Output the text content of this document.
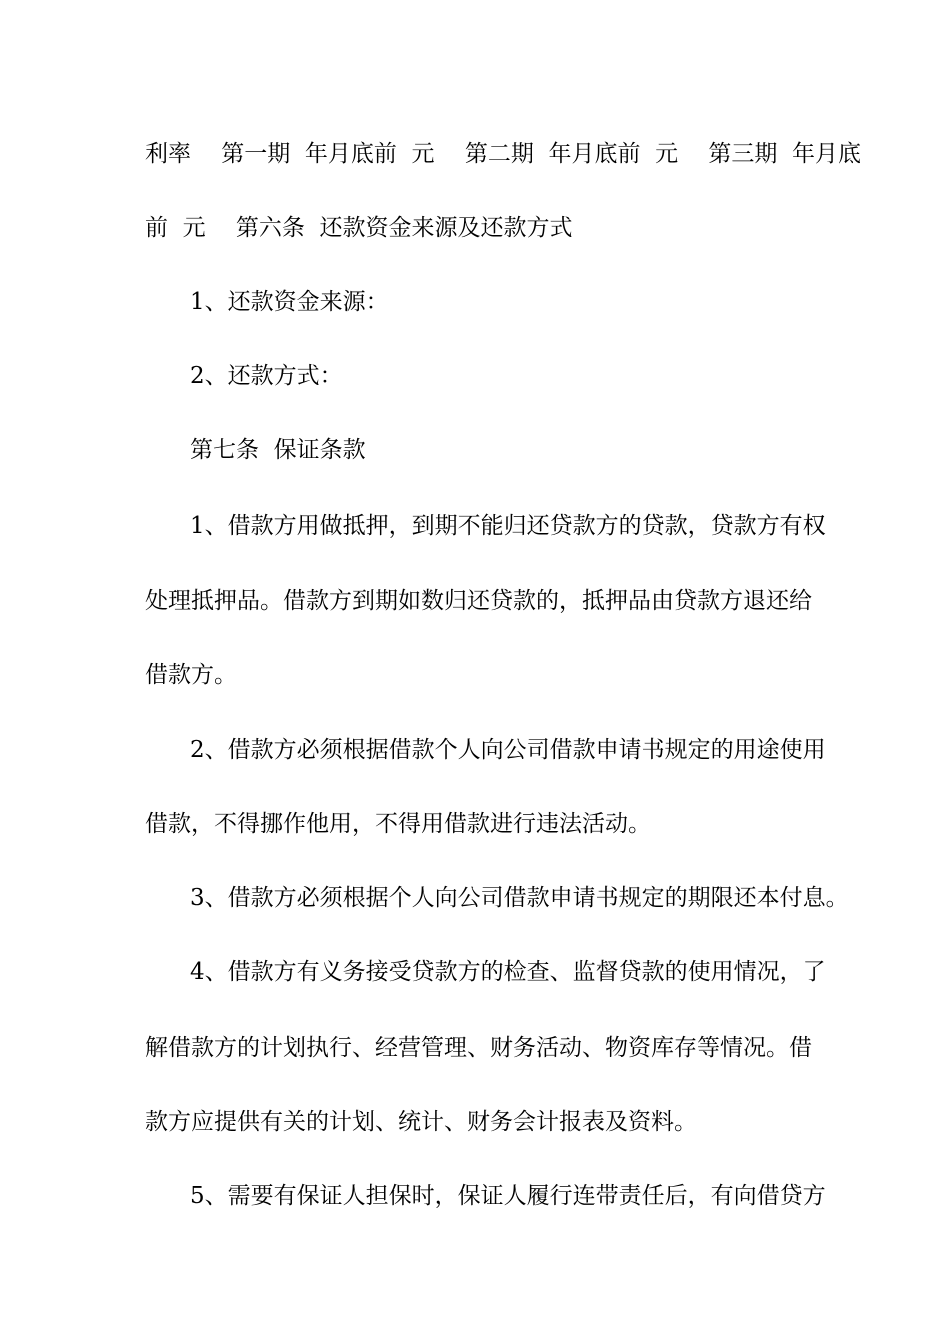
利率　 第一期  年月底前  元　 第二期  年月底前  元　 第三期  年月底
前  元　 第六条  还款资金来源及还款方式
1、还款资金来源：
2、还款方式：
第七条  保证条款
1、借款方用做抵押，到期不能归还贷款方的贷款，贷款方有权
处理抵押品。借款方到期如数归还贷款的，抵押品由贷款方退还给
借款方。
2、借款方必须根据借款个人向公司借款申请书规定的用途使用
借款，不得挪作他用，不得用借款进行违法活动。
3、借款方必须根据个人向公司借款申请书规定的期限还本付息。
4、借款方有义务接受贷款方的检查、监督贷款的使用情况，了
解借款方的计划执行、经营管理、财务活动、物资库存等情况。借
款方应提供有关的计划、统计、财务会计报表及资料。
5、需要有保证人担保时，保证人履行连带责任后，有向借贷方
